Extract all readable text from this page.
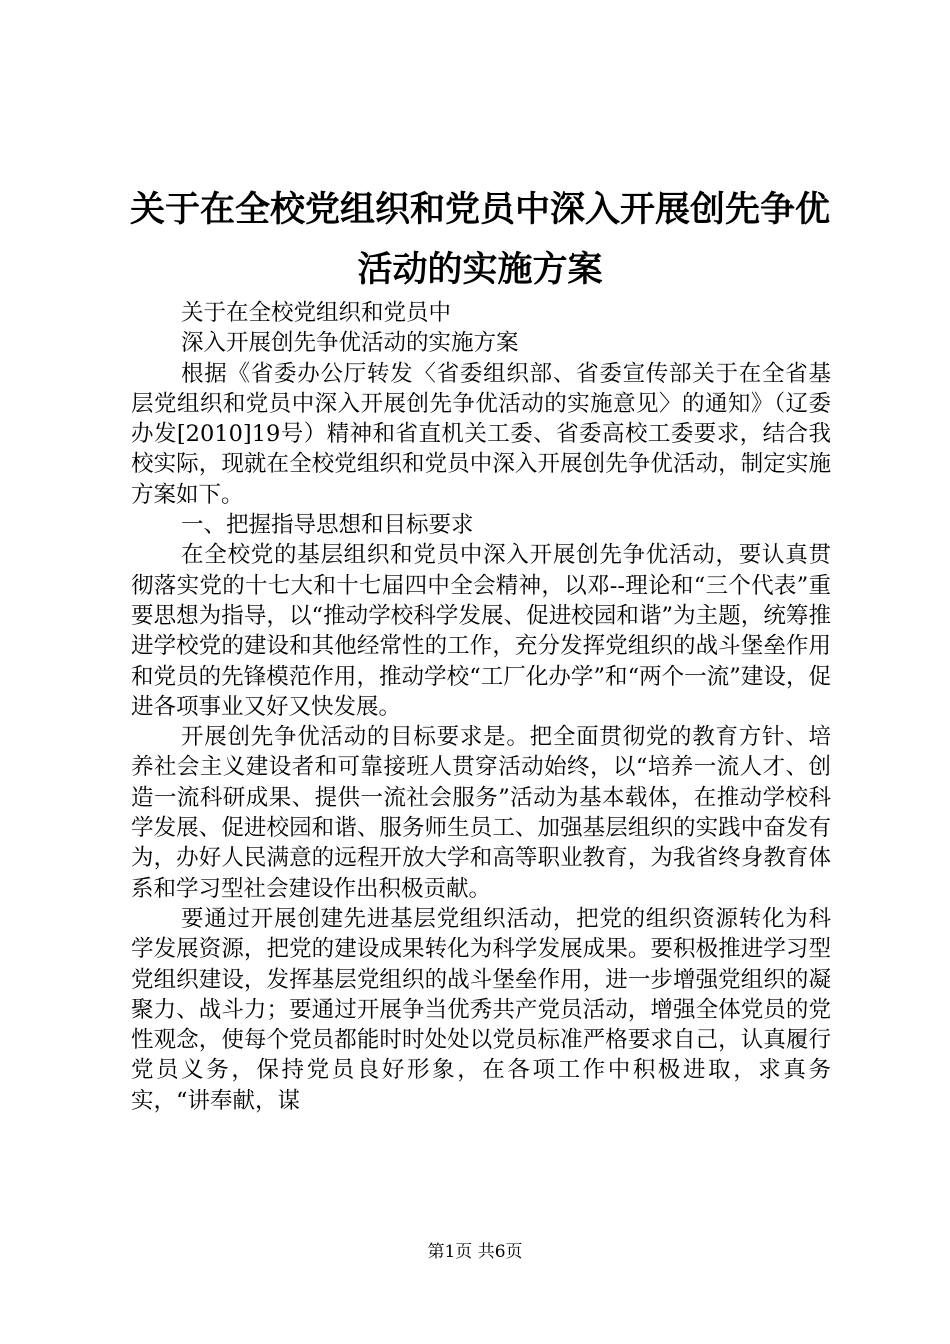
关于在全校党组织和党员中深入开展创先争优
活动的实施方案

关于在全校党组织和党员中

深入开展创先争优活动的实施方案

根据《省委办公厅转发〈省委组织部、省委宣传部关于在全省基层党组织和党员中深入开展创先争优活动的实施意见〉的通知》（辽委办发[2010]19号）精神和省直机关工委、省委高校工委要求，结合我校实际，现就在全校党组织和党员中深入开展创先争优活动，制定实施方案如下。

一、把握指导思想和目标要求

在全校党的基层组织和党员中深入开展创先争优活动，要认真贯彻落实党的十七大和十七届四中全会精神，以邓--理论和“三个代表”重要思想为指导，以“推动学校科学发展、促进校园和谐”为主题，统筹推进学校党的建设和其他经常性的工作，充分发挥党组织的战斗堡垒作用和党员的先锋模范作用，推动学校“工厂化办学”和“两个一流”建设，促进各项事业又好又快发展。

开展创先争优活动的目标要求是。把全面贯彻党的教育方针、培养社会主义建设者和可靠接班人贯穿活动始终，以“培养一流人才、创造一流科研成果、提供一流社会服务”活动为基本载体，在推动学校科学发展、促进校园和谐、服务师生员工、加强基层组织的实践中奋发有为，办好人民满意的远程开放大学和高等职业教育，为我省终身教育体系和学习型社会建设作出积极贡献。

要通过开展创建先进基层党组织活动，把党的组织资源转化为科学发展资源，把党的建设成果转化为科学发展成果。要积极推进学习型党组织建设，发挥基层党组织的战斗堡垒作用，进一步增强党组织的凝聚力、战斗力；要通过开展争当优秀共产党员活动，增强全体党员的党性观念，使每个党员都能时时处处以党员标准严格要求自己，认真履行党员义务，保持党员良好形象，在各项工作中积极进取，求真务实，“讲奉献，谋

第1页 共6页
